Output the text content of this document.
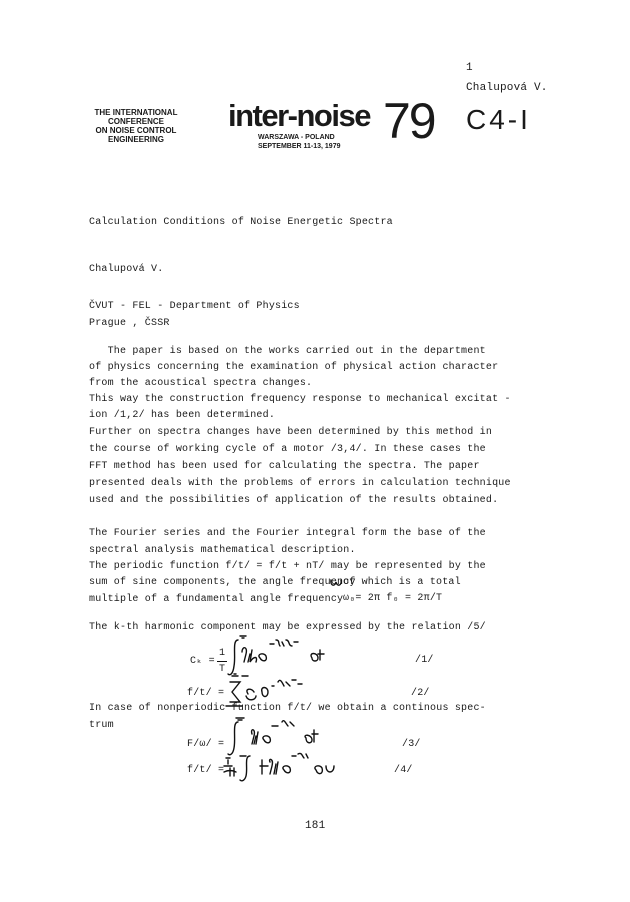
1
Chalupová V.
C4-I
THE INTERNATIONAL
CONFERENCE
ON NOISE CONTROL
ENGINEERING
inter-noise 79
WARSZAWA - POLAND
SEPTEMBER 11-13, 1979
Calculation Conditions of Noise Energetic Spectra
Chalupová V.
ČVUT - FEL - Department of Physics
Prague , ČSSR
The paper is based on the works carried out in the department
of physics concerning the examination of physical action character
from the acoustical spectra changes.
This way the construction frequency response to mechanical excitat -
ion /1,2/ has been determined.
Further on spectra changes have been determined by this method in
the course of working cycle of a motor /3,4/. In these cases the
FFT method has been used for calculating the spectra. The paper
presented deals with the problems of errors in calculation technique
used and the possibilities of application of the results obtained.
The Fourier series and the Fourier integral form the base of the
spectral analysis mathematical description.
The periodic function f/t/ = f/t + nT/ may be represented by the
sum of sine components, the angle frequency
of which is a total
multiple of a fundamental angle frequency ω₀= 2π f₀ = 2π/T
The k-th harmonic component may be expressed by the relation /5/
Cₖ =
1
T
/1/
f/t/ =	/2/
In case of nonperiodic function f/t/ we obtain a continous spec-
trum
F/ω/ =	/3/
f/t/ =	/4/
181
